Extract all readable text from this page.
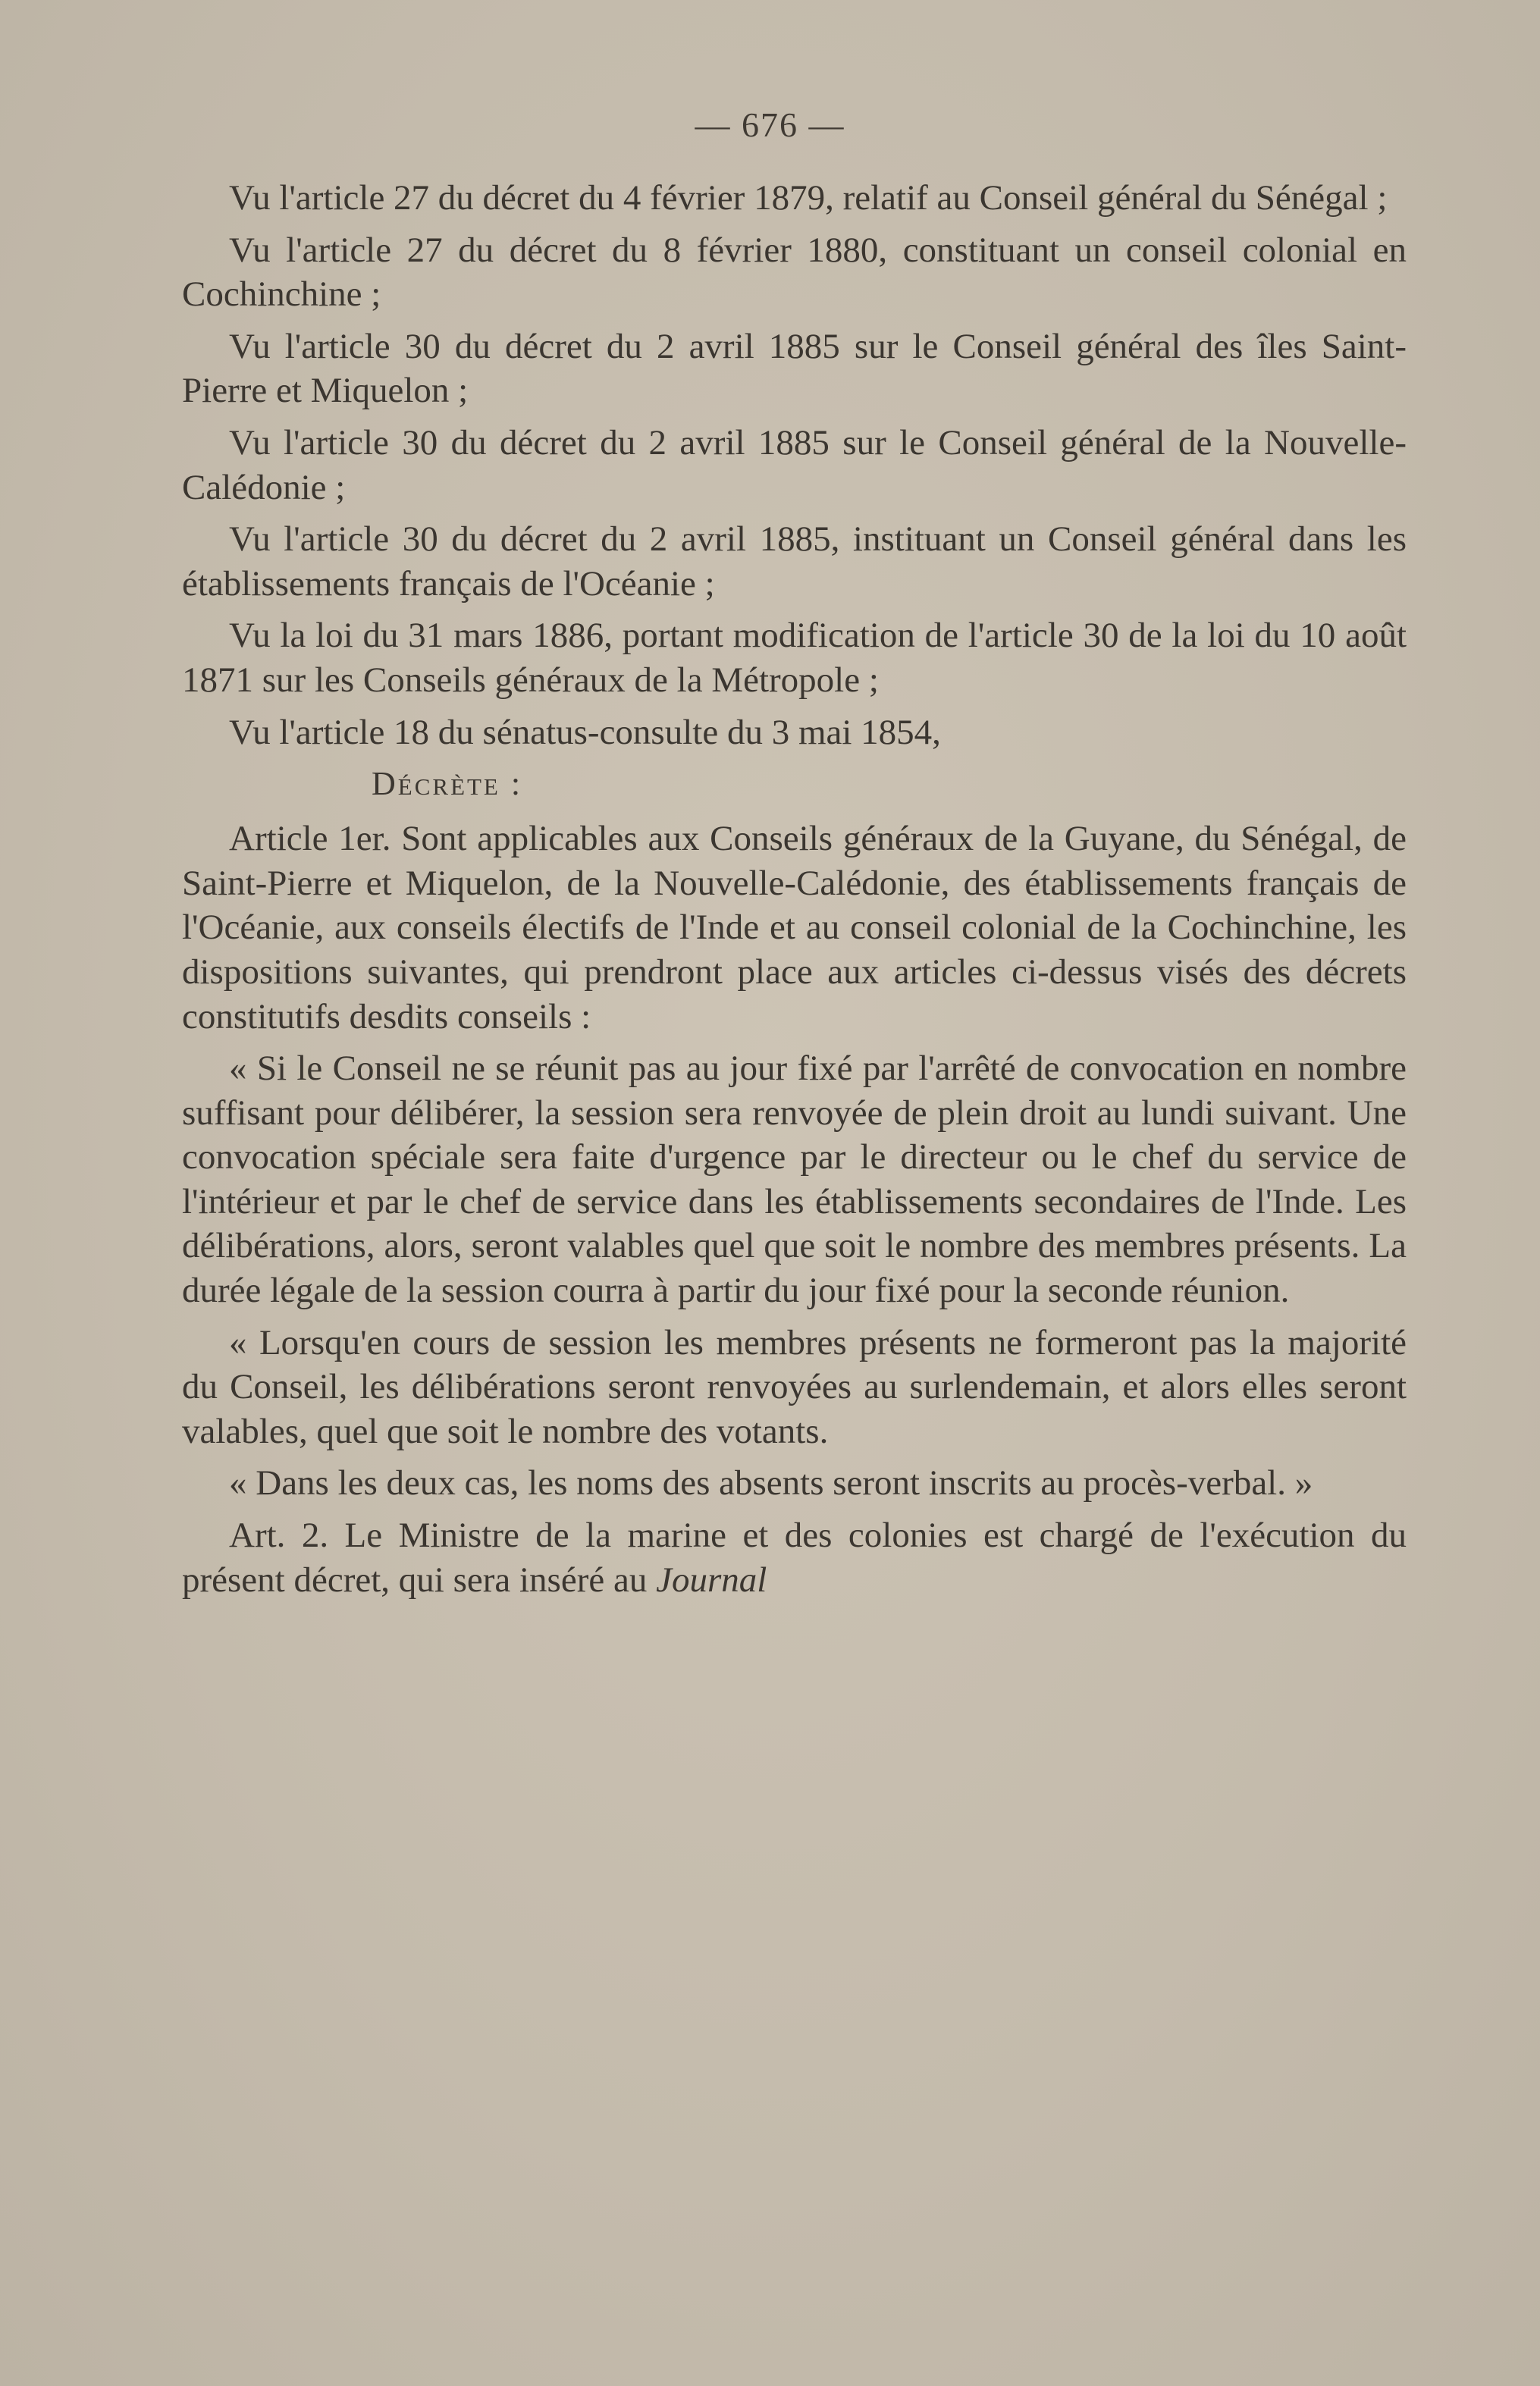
— 676 —

Vu l'article 27 du décret du 4 février 1879, relatif au Conseil général du Sénégal ;

Vu l'article 27 du décret du 8 février 1880, constituant un conseil colonial en Cochinchine ;

Vu l'article 30 du décret du 2 avril 1885 sur le Conseil général des îles Saint-Pierre et Miquelon ;

Vu l'article 30 du décret du 2 avril 1885 sur le Conseil général de la Nouvelle-Calédonie ;

Vu l'article 30 du décret du 2 avril 1885, instituant un Conseil général dans les établissements français de l'Océanie ;

Vu la loi du 31 mars 1886, portant modification de l'article 30 de la loi du 10 août 1871 sur les Conseils généraux de la Métropole ;

Vu l'article 18 du sénatus-consulte du 3 mai 1854,

Décrète :

Article 1er. Sont applicables aux Conseils généraux de la Guyane, du Sénégal, de Saint-Pierre et Miquelon, de la Nouvelle-Calédonie, des établissements français de l'Océanie, aux conseils électifs de l'Inde et au conseil colonial de la Cochinchine, les dispositions suivantes, qui prendront place aux articles ci-dessus visés des décrets constitutifs desdits conseils :

« Si le Conseil ne se réunit pas au jour fixé par l'arrêté de convocation en nombre suffisant pour délibérer, la session sera renvoyée de plein droit au lundi suivant. Une convocation spéciale sera faite d'urgence par le directeur ou le chef du service de l'intérieur et par le chef de service dans les établissements secondaires de l'Inde. Les délibérations, alors, seront valables quel que soit le nombre des membres présents. La durée légale de la session courra à partir du jour fixé pour la seconde réunion.

« Lorsqu'en cours de session les membres présents ne formeront pas la majorité du Conseil, les délibérations seront renvoyées au surlendemain, et alors elles seront valables, quel que soit le nombre des votants.

« Dans les deux cas, les noms des absents seront inscrits au procès-verbal. »

Art. 2. Le Ministre de la marine et des colonies est chargé de l'exécution du présent décret, qui sera inséré au Journal
